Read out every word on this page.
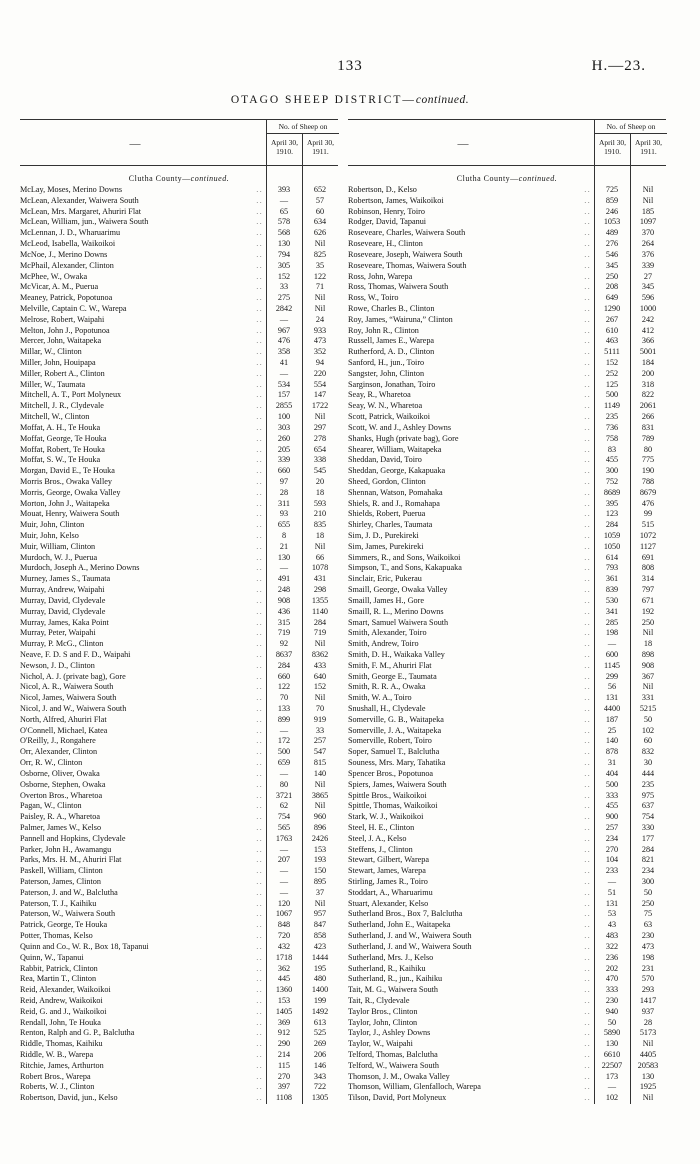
133	H.—23.
OTAGO SHEEP DISTRICT—continued.
—
No. of Sheep on
April 30,
1910.
April 30,
1911.
Clutha County—continued.
McLay, Moses, Merino Downs	. .	393	652
McLean, Alexander, Waiwera South	. .	—	57
McLean, Mrs. Margaret, Ahuriri Flat	. .	65	60
McLean, William, jun., Waiwera South	. .	578	634
McLennan, J. D., Wharuarimu	. .	568	626
McLeod, Isabella, Waikoikoi	. .	130	Nil
McNoe, J., Merino Downs	. .	794	825
McPhail, Alexander, Clinton	. .	305	35
McPhee, W., Owaka	. .	152	122
McVicar, A. M., Puerua	. .	33	71
Meaney, Patrick, Popotunoa	. .	275	Nil
Melville, Captain C. W., Warepa	. .	2842	Nil
Melrose, Robert, Waipahi	. .	—	24
Melton, John J., Popotunoa	. .	967	933
Mercer, John, Waitapeka	. .	476	473
Millar, W., Clinton	. .	358	352
Miller, John, Houipapa	. .	41	94
Miller, Robert A., Clinton	. .	—	220
Miller, W., Taumata	. .	534	554
Mitchell, A. T., Port Molyneux	. .	157	147
Mitchell, J. R., Clydevale	. .	2855	1722
Mitchell, W., Clinton	. .	100	Nil
Moffat, A. H., Te Houka	. .	303	297
Moffat, George, Te Houka	. .	260	278
Moffat, Robert, Te Houka	. .	205	654
Moffat, S. W., Te Houka	. .	339	338
Morgan, David E., Te Houka	. .	660	545
Morris Bros., Owaka Valley	. .	97	20
Morris, George, Owaka Valley	. .	28	18
Morton, John J., Waitapeka	. .	311	593
Mouat, Henry, Waiwera South	. .	93	210
Muir, John, Clinton	. .	655	835
Muir, John, Kelso	. .	8	18
Muir, William, Clinton	. .	21	Nil
Murdoch, W. J., Puerua	. .	130	66
Murdoch, Joseph A., Merino Downs	. .	—	1078
Murney, James S., Taumata	. .	491	431
Murray, Andrew, Waipahi	. .	248	298
Murray, David, Clydevale	. .	908	1355
Murray, David, Clydevale	. .	436	1140
Murray, James, Kaka Point	. .	315	284
Murray, Peter, Waipahi	. .	719	719
Murray, P. McG., Clinton	. .	92	Nil
Neave, F. D. S and F. D., Waipahi	. .	8637	8362
Newson, J. D., Clinton	. .	284	433
Nichol, A. J. (private bag), Gore	. .	660	640
Nicol, A. R., Waiwera South	. .	122	152
Nicol, James, Waiwera South	. .	70	Nil
Nicol, J. and W., Waiwera South	. .	133	70
North, Alfred, Ahuriri Flat	. .	899	919
O'Connell, Michael, Katea	. .	—	33
O'Reilly, J., Rongahere	. .	172	257
Orr, Alexander, Clinton	. .	500	547
Orr, R. W., Clinton	. .	659	815
Osborne, Oliver, Owaka	. .	—	140
Osborne, Stephen, Owaka	. .	80	Nil
Overton Bros., Wharetoa	. .	3721	3865
Pagan, W., Clinton	. .	62	Nil
Paisley, R. A., Wharetoa	. .	754	960
Palmer, James W., Kelso	. .	565	896
Pannell and Hopkins, Clydevale	. .	1763	2426
Parker, John H., Awamangu	. .	—	153
Parks, Mrs. H. M., Ahuriri Flat	. .	207	193
Paskell, William, Clinton	. .	—	150
Paterson, James, Clinton	. .	—	895
Paterson, J. and W., Balclutha	. .	—	37
Paterson, T. J., Kaihiku	. .	120	Nil
Paterson, W., Waiwera South	. .	1067	957
Patrick, George, Te Houka	. .	848	847
Potter, Thomas, Kelso	. .	720	858
Quinn and Co., W. R., Box 18, Tapanui	. .	432	423
Quinn, W., Tapanui	. .	1718	1444
Rabbit, Patrick, Clinton	. .	362	195
Rea, Martin T., Clinton	. .	445	480
Reid, Alexander, Waikoikoi	. .	1360	1400
Reid, Andrew, Waikoikoi	. .	153	199
Reid, G. and J., Waikoikoi	. .	1405	1492
Rendall, John, Te Houka	. .	369	613
Renton, Ralph and G. P., Balclutha	. .	912	525
Riddle, Thomas, Kaihiku	. .	290	269
Riddle, W. B., Warepa	. .	214	206
Ritchie, James, Arthurton	. .	115	146
Robert Bros., Warepa	. .	270	343
Roberts, W. J., Clinton	. .	397	722
Robertson, David, jun., Kelso	. .	1108	1305
—
No. of Sheep on
April 30,
1910.
April 30,
1911.
Clutha County—continued.
Robertson, D., Kelso	. .	725	Nil
Robertson, James, Waikoikoi	. .	859	Nil
Robinson, Henry, Toiro	. .	246	185
Rodger, David, Tapanui	. .	1053	1097
Roseveare, Charles, Waiwera South	. .	489	370
Roseveare, H., Clinton	. .	276	264
Roseveare, Joseph, Waiwera South	. .	546	376
Roseveare, Thomas, Waiwera South	. .	345	339
Ross, John, Warepa	. .	250	27
Ross, Thomas, Waiwera South	. .	208	345
Ross, W., Toiro	. .	649	596
Rowe, Charles B., Clinton	. .	1290	1000
Roy, James, “Wairuna,” Clinton	. .	267	242
Roy, John R., Clinton	. .	610	412
Russell, James E., Warepa	. .	463	366
Rutherford, A. D., Clinton	. .	5111	5001
Sanford, H., jun., Toiro	. .	152	184
Sangster, John, Clinton	. .	252	200
Sarginson, Jonathan, Toiro	. .	125	318
Seay, R., Wharetoa	. .	500	822
Seay, W. N., Wharetoa	. .	1149	2061
Scott, Patrick, Waikoikoi	. .	235	266
Scott, W. and J., Ashley Downs	. .	736	831
Shanks, Hugh (private bag), Gore	. .	758	789
Shearer, William, Waitapeka	. .	83	80
Sheddan, David, Toiro	. .	455	775
Sheddan, George, Kakapuaka	. .	300	190
Sheed, Gordon, Clinton	. .	752	788
Shennan, Watson, Pomahaka	. .	8689	8679
Shiels, R. and J., Romahapa	. .	395	476
Shields, Robert, Puerua	. .	123	99
Shirley, Charles, Taumata	. .	284	515
Sim, J. D., Purekireki	. .	1059	1072
Sim, James, Purekireki	. .	1050	1127
Simmers, R., and Sons, Waikoikoi	. .	614	691
Simpson, T., and Sons, Kakapuaka	. .	793	808
Sinclair, Eric, Pukerau	. .	361	314
Smaill, George, Owaka Valley	. .	839	797
Smaill, James H., Gore	. .	530	671
Smaill, R. L., Merino Downs	. .	341	192
Smart, Samuel Waiwera South	. .	285	250
Smith, Alexander, Toiro	. .	198	Nil
Smith, Andrew, Toiro	. .	—	18
Smith, D. H., Waikaka Valley	. .	600	898
Smith, F. M., Ahuriri Flat	. .	1145	908
Smith, George E., Taumata	. .	299	367
Smith, R. R. A., Owaka	. .	56	Nil
Smith, W. A., Toiro	. .	131	331
Snushall, H., Clydevale	. .	4400	5215
Somerville, G. B., Waitapeka	. .	187	50
Somerville, J. A., Waitapeka	. .	25	102
Somerville, Robert, Toiro	. .	140	60
Soper, Samuel T., Balclutha	. .	878	832
Souness, Mrs. Mary, Tahatika	. .	31	30
Spencer Bros., Popotunoa	. .	404	444
Spiers, James, Waiwera South	. .	500	235
Spittle Bros., Waikoikoi	. .	333	975
Spittle, Thomas, Waikoikoi	. .	455	637
Stark, W. J., Waikoikoi	. .	900	754
Steel, H. E., Clinton	. .	257	330
Steel, J. A., Kelso	. .	234	177
Steffens, J., Clinton	. .	270	284
Stewart, Gilbert, Warepa	. .	104	821
Stewart, James, Warepa	. .	233	234
Stirling, James R., Toiro	. .	—	300
Stoddart, A., Wharuarimu	. .	51	50
Stuart, Alexander, Kelso	. .	131	250
Sutherland Bros., Box 7, Balclutha	. .	53	75
Sutherland, John E., Waitapeka	. .	43	63
Sutherland, J. and W., Waiwera South	. .	483	230
Sutherland, J. and W., Waiwera South	. .	322	473
Sutherland, Mrs. J., Kelso	. .	236	198
Sutherland, R., Kaihiku	. .	202	231
Sutherland, R., jun., Kaihiku	. .	470	570
Tait, M. G., Waiwera South	. .	333	293
Tait, R., Clydevale	. .	230	1417
Taylor Bros., Clinton	. .	940	937
Taylor, John, Clinton	. .	50	28
Taylor, J., Ashley Downs	. .	5890	5173
Taylor, W., Waipahi	. .	130	Nil
Telford, Thomas, Balclutha	. .	6610	4405
Telford, W., Waiwera South	. .	22507	20583
Thomson, J. M., Owaka Valley	. .	173	130
Thomson, William, Glenfalloch, Warepa	. .	—	1925
Tilson, David, Port Molyneux	. .	102	Nil
